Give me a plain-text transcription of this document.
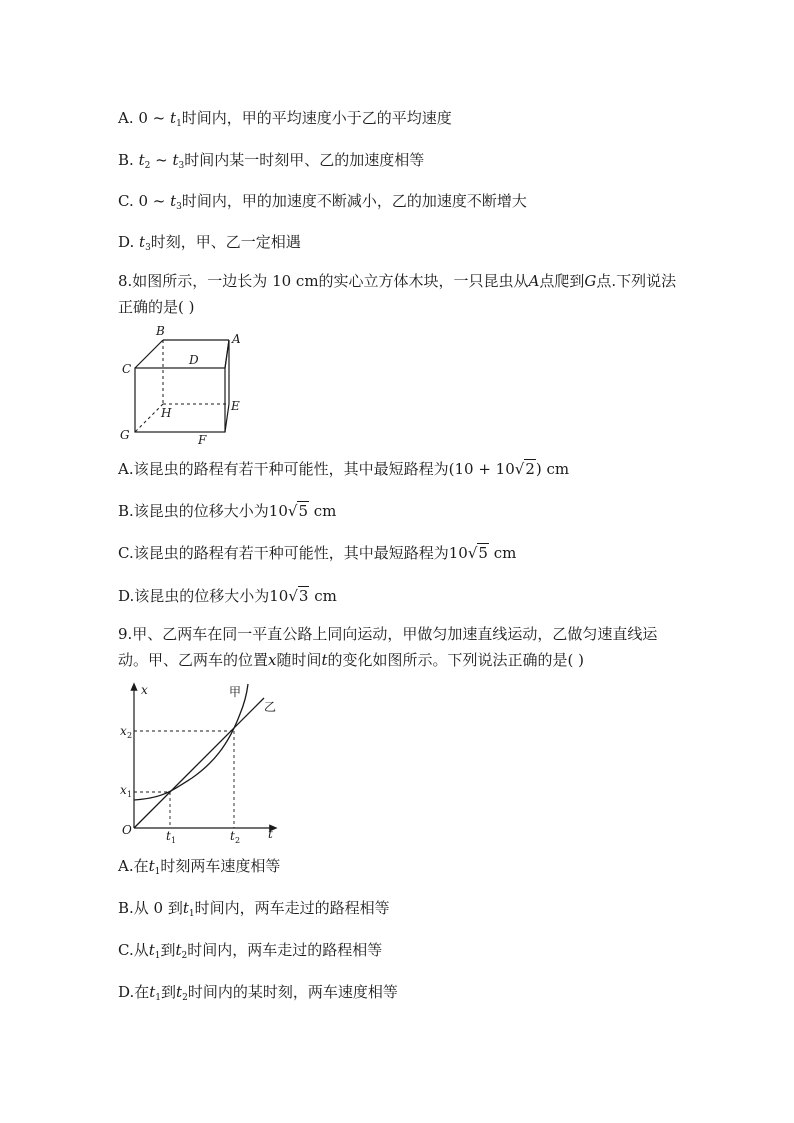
A. 0 ~ $t_1$时间内，甲的平均速度小于乙的平均速度
B. $t_2$ ~ $t_3$时间内某一时刻甲、乙的加速度相等
C. 0 ~ $t_3$时间内，甲的加速度不断减小，乙的加速度不断增大
D. $t_3$时刻，甲、乙一定相遇
8.如图所示，一边长为 10 cm的实心立方体木块，一只昆虫从A点爬到G点.下列说法正确的是( )
B
A
C
D
H	E
G	F
A.该昆虫的路程有若干种可能性，其中最短路程为(10 + 10√2) cm
B.该昆虫的位移大小为10√5 cm
C.该昆虫的路程有若干种可能性，其中最短路程为10√5 cm
D.该昆虫的位移大小为10√3 cm
9.甲、乙两车在同一平直公路上同向运动，甲做匀加速直线运动，乙做匀速直线运动。甲、乙两车的位置x随时间t的变化如图所示。下列说法正确的是( )
x
t
O
甲
乙
x 2
x 1
t 1	t 2
A.在$t_1$时刻两车速度相等
B.从 0 到$t_1$时间内，两车走过的路程相等
C.从$t_1$到$t_2$时间内，两车走过的路程相等
D.在$t_1$到$t_2$时间内的某时刻，两车速度相等
